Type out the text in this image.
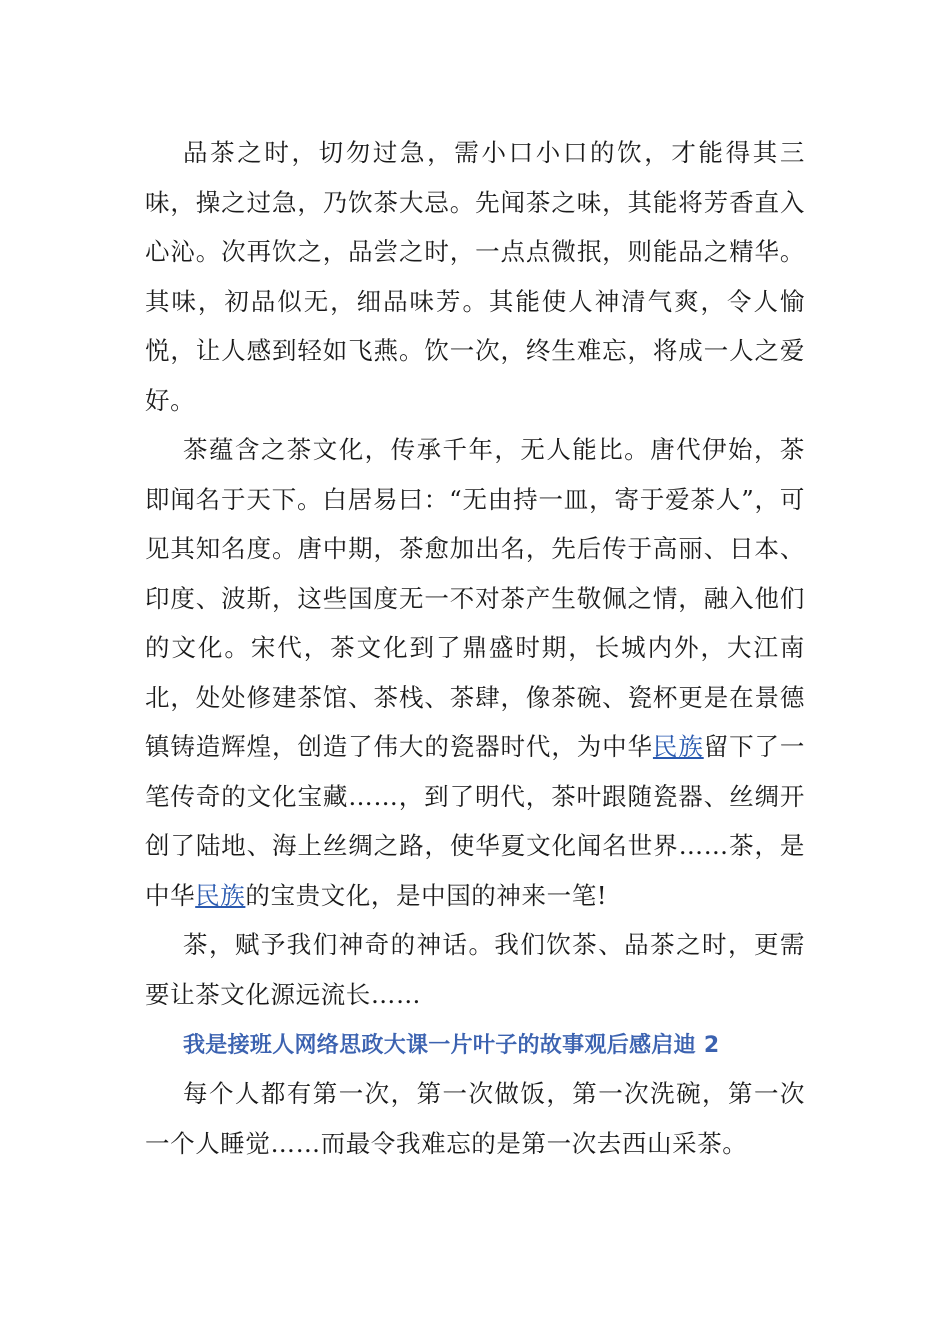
品茶之时，切勿过急，需小口小口的饮，才能得其三味，操之过急，乃饮茶大忌。先闻茶之味，其能将芳香直入心沁。次再饮之，品尝之时，一点点微抿，则能品之精华。其味，初品似无，细品味芳。其能使人神清气爽，令人愉悦，让人感到轻如飞燕。饮一次，终生难忘，将成一人之爱好。

茶蕴含之茶文化，传承千年，无人能比。唐代伊始，茶即闻名于天下。白居易曰：“无由持一皿，寄于爱茶人”，可见其知名度。唐中期，茶愈加出名，先后传于高丽、日本、印度、波斯，这些国度无一不对茶产生敬佩之情，融入他们的文化。宋代，茶文化到了鼎盛时期，长城内外，大江南北，处处修建茶馆、茶栈、茶肆，像茶碗、瓷杯更是在景德镇铸造辉煌，创造了伟大的瓷器时代，为中华民族留下了一笔传奇的文化宝藏……，到了明代，茶叶跟随瓷器、丝绸开创了陆地、海上丝绸之路，使华夏文化闻名世界……茶，是中华民族的宝贵文化，是中国的神来一笔!

茶，赋予我们神奇的神话。我们饮茶、品茶之时，更需要让茶文化源远流长……

我是接班人网络思政大课一片叶子的故事观后感启迪 2

每个人都有第一次，第一次做饭，第一次洗碗，第一次一个人睡觉……而最令我难忘的是第一次去西山采茶。
